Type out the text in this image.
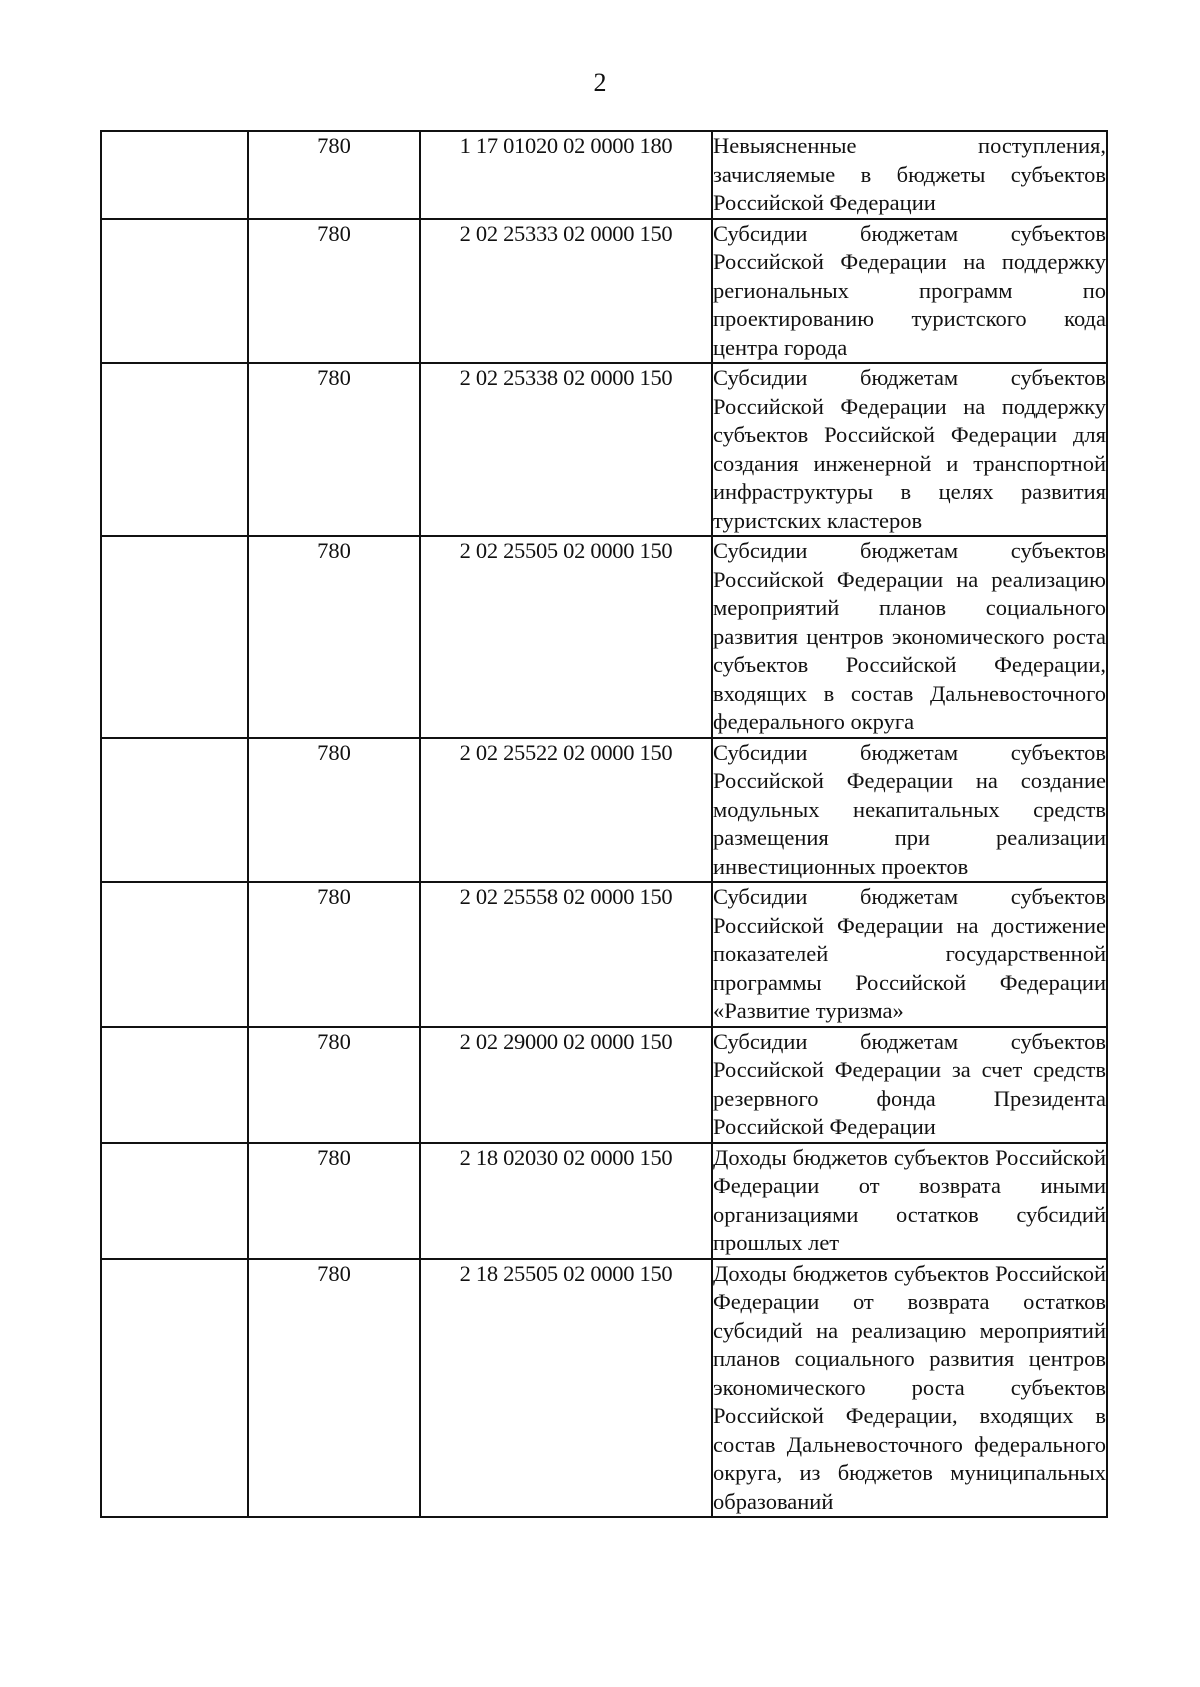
2
	780	1 17 01020 02 0000 180	Невыясненные поступления, зачисляемые в бюджеты субъектов Российской Федерации
	780	2 02 25333 02 0000 150	Субсидии бюджетам субъектов Российской Федерации на поддержку региональных программ по проектированию туристского кода центра города
	780	2 02 25338 02 0000 150	Субсидии бюджетам субъектов Российской Федерации на поддержку субъектов Российской Федерации для создания инженерной и транспортной инфраструктуры в целях развития туристских кластеров
	780	2 02 25505 02 0000 150	Субсидии бюджетам субъектов Российской Федерации на реализацию мероприятий планов социального развития центров экономического роста субъектов Российской Федерации, входящих в состав Дальневосточного федерального округа
	780	2 02 25522 02 0000 150	Субсидии бюджетам субъектов Российской Федерации на создание модульных некапитальных средств размещения при реализации инвестиционных проектов
	780	2 02 25558 02 0000 150	Субсидии бюджетам субъектов Российской Федерации на достижение показателей государственной программы Российской Федерации «Развитие туризма»
	780	2 02 29000 02 0000 150	Субсидии бюджетам субъектов Российской Федерации за счет средств резервного фонда Президента Российской Федерации
	780	2 18 02030 02 0000 150	Доходы бюджетов субъектов Российской Федерации от возврата иными организациями остатков субсидий прошлых лет
	780	2 18 25505 02 0000 150	Доходы бюджетов субъектов Российской Федерации от возврата остатков субсидий на реализацию мероприятий планов социального развития центров экономического роста субъектов Российской Федерации, входящих в состав Дальневосточного федерального округа, из бюджетов муниципальных образований
